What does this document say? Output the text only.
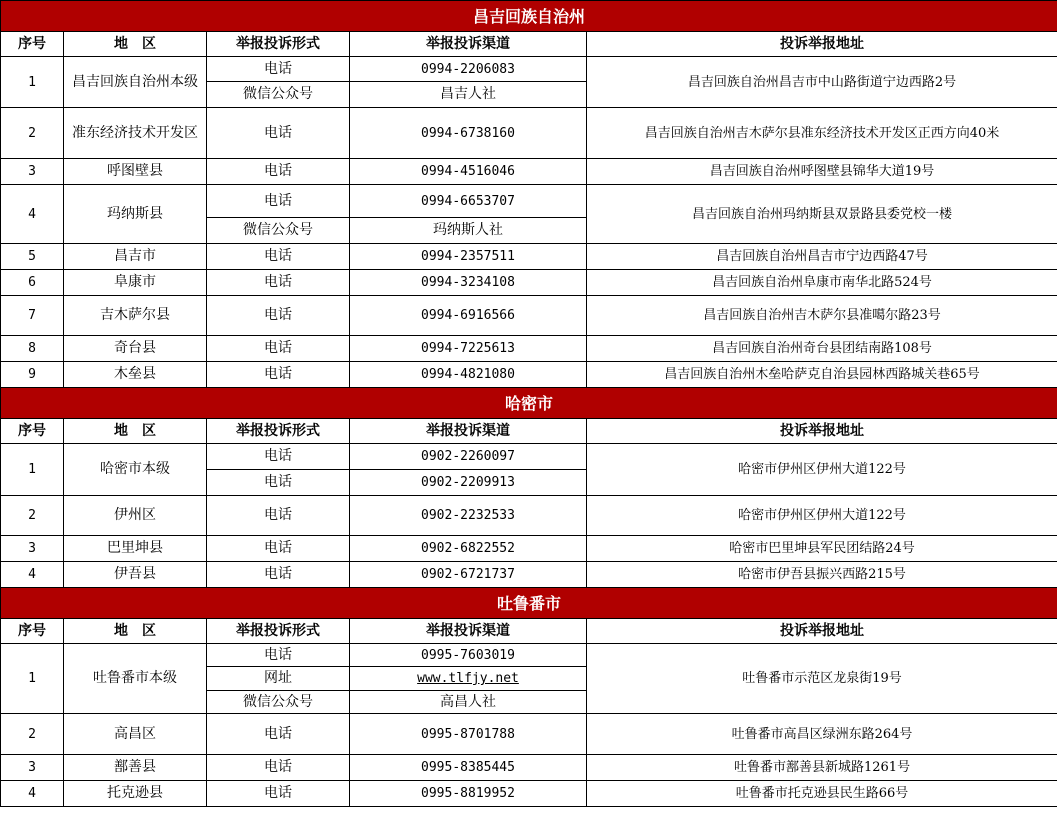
昌吉回族自治州				
序号	地　区	举报投诉形式	举报投诉渠道	投诉举报地址
1	昌吉回族自治州本级	电话	0994-2206083	昌吉回族自治州昌吉市中山路街道宁边西路2号
		微信公众号	昌吉人社	
2	准东经济技术开发区	电话	0994-6738160	昌吉回族自治州吉木萨尔县准东经济技术开发区正西方向40米
3	呼图壁县	电话	0994-4516046	昌吉回族自治州呼图壁县锦华大道19号
4	玛纳斯县	电话	0994-6653707	昌吉回族自治州玛纳斯县双景路县委党校一楼
		微信公众号	玛纳斯人社	
5	昌吉市	电话	0994-2357511	昌吉回族自治州昌吉市宁边西路47号
6	阜康市	电话	0994-3234108	昌吉回族自治州阜康市南华北路524号
7	吉木萨尔县	电话	0994-6916566	昌吉回族自治州吉木萨尔县准噶尔路23号
8	奇台县	电话	0994-7225613	昌吉回族自治州奇台县团结南路108号
9	木垒县	电话	0994-4821080	昌吉回族自治州木垒哈萨克自治县园林西路城关巷65号
哈密市				
序号	地　区	举报投诉形式	举报投诉渠道	投诉举报地址
1	哈密市本级	电话	0902-2260097	哈密市伊州区伊州大道122号
		电话	0902-2209913	
2	伊州区	电话	0902-2232533	哈密市伊州区伊州大道122号
3	巴里坤县	电话	0902-6822552	哈密市巴里坤县军民团结路24号
4	伊吾县	电话	0902-6721737	哈密市伊吾县振兴西路215号
吐鲁番市				
序号	地　区	举报投诉形式	举报投诉渠道	投诉举报地址
1	吐鲁番市本级	电话	0995-7603019	吐鲁番市示范区龙泉街19号
		网址	www.tlfjy.net	
		微信公众号	高昌人社	
2	高昌区	电话	0995-8701788	吐鲁番市高昌区绿洲东路264号
3	鄯善县	电话	0995-8385445	吐鲁番市鄯善县新城路1261号
4	托克逊县	电话	0995-8819952	吐鲁番市托克逊县民生路66号
